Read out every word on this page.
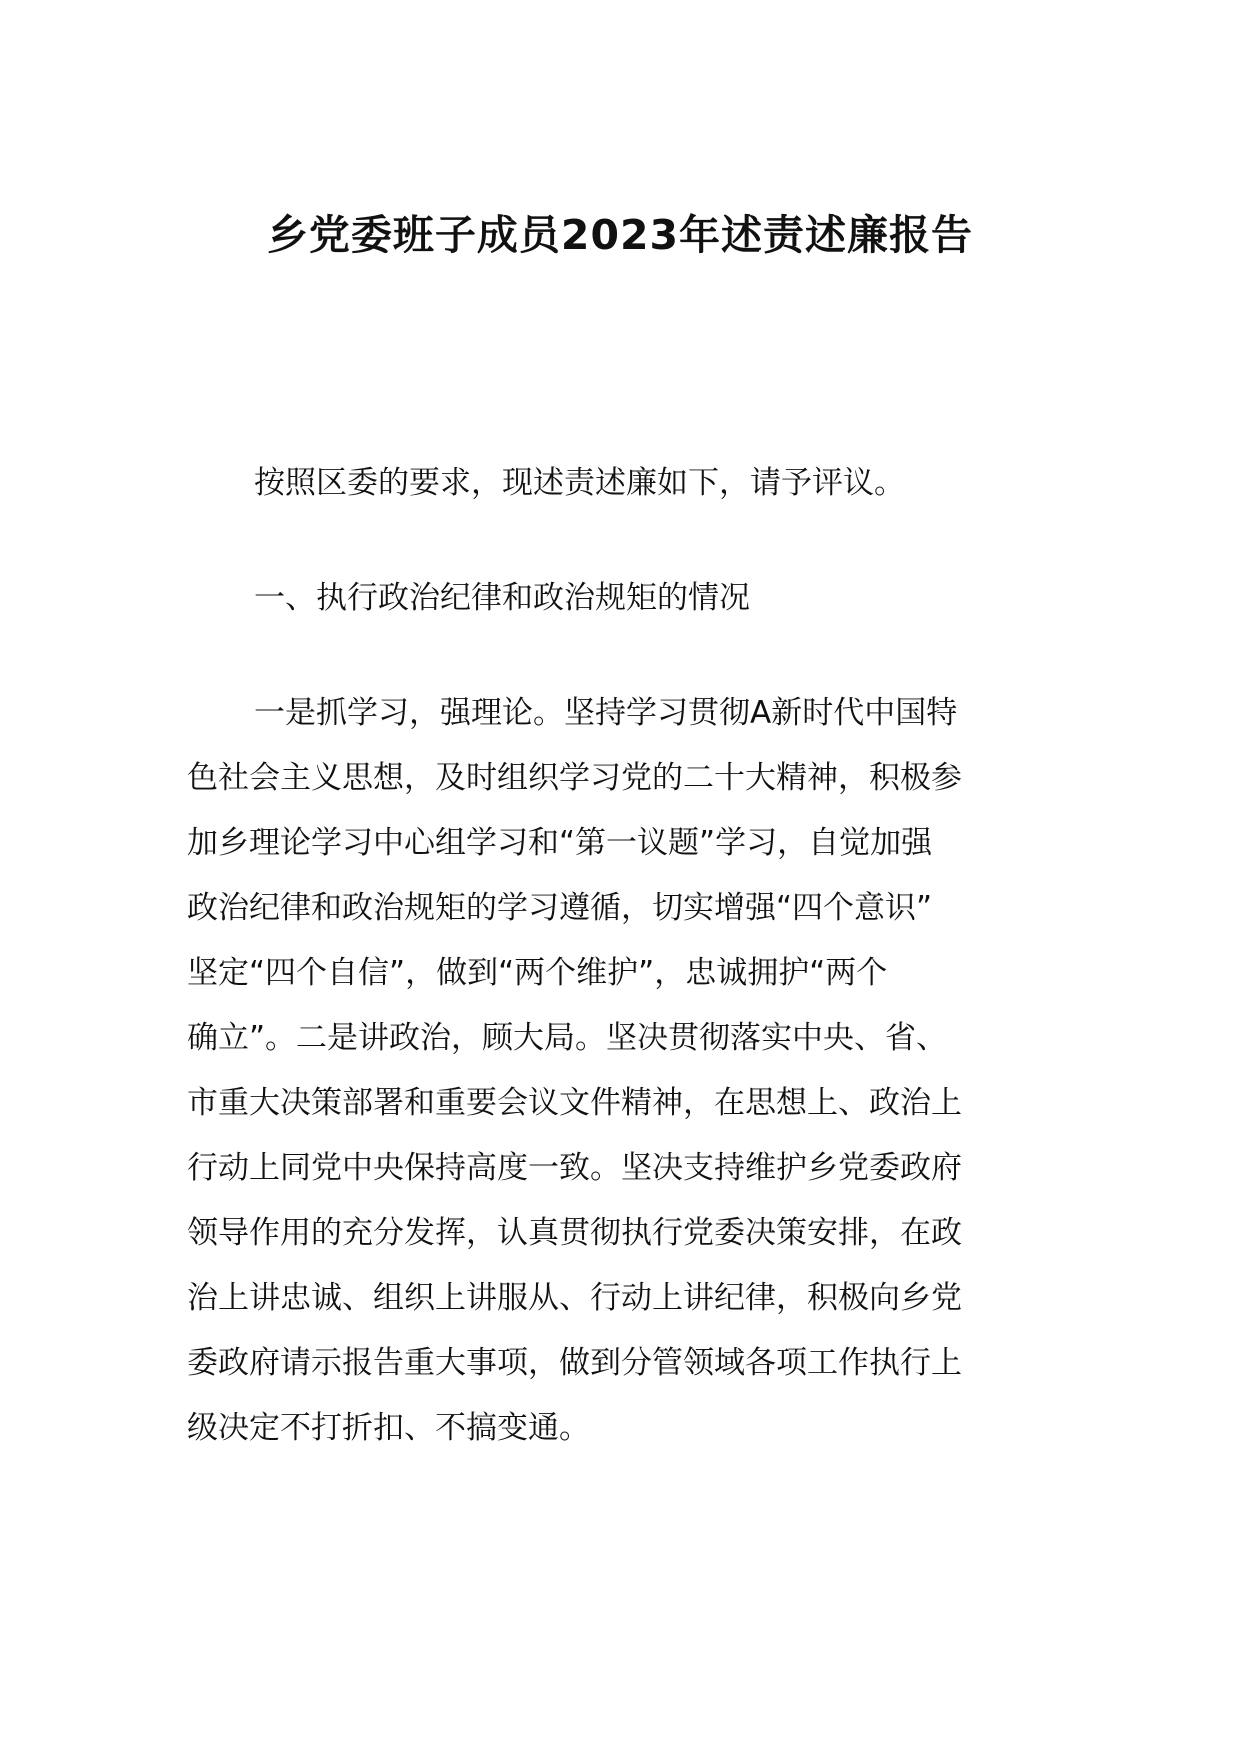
乡党委班子成员2023年述责述廉报告
按照区委的要求，现述责述廉如下，请予评议。
一、执行政治纪律和政治规矩的情况
一是抓学习，强理论。坚持学习贯彻A新时代中国特
色社会主义思想，及时组织学习党的二十大精神，积极参
加乡理论学习中心组学习和“第一议题”学习，自觉加强
政治纪律和政治规矩的学习遵循，切实增强“四个意识”
坚定“四个自信”，做到“两个维护”，忠诚拥护“两个
确立”。二是讲政治，顾大局。坚决贯彻落实中央、省、
市重大决策部署和重要会议文件精神，在思想上、政治上
行动上同党中央保持高度一致。坚决支持维护乡党委政府
领导作用的充分发挥，认真贯彻执行党委决策安排，在政
治上讲忠诚、组织上讲服从、行动上讲纪律，积极向乡党
委政府请示报告重大事项，做到分管领域各项工作执行上
级决定不打折扣、不搞变通。
